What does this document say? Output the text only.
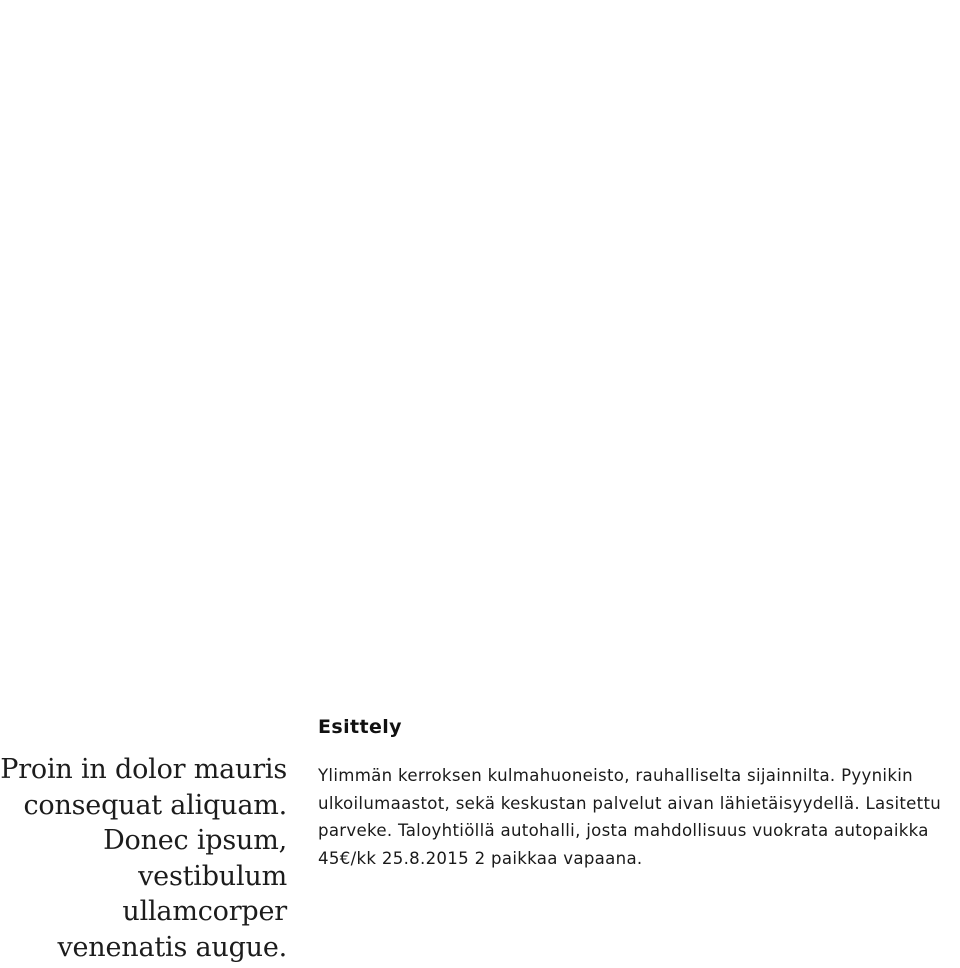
Proin in dolor mauris consequat aliquam. Donec ipsum, vestibulum ullamcorper venenatis augue.
Esittely

Ylimmän kerroksen kulmahuoneisto, rauhalliselta sijainnilta. Pyynikin ulkoilumaastot, sekä keskustan palvelut aivan lähietäisyydellä. Lasitettu parveke. Taloyhtiöllä autohalli, josta mahdollisuus vuokrata autopaikka 45€/kk 25.8.2015 2 paikkaa vapaana.
